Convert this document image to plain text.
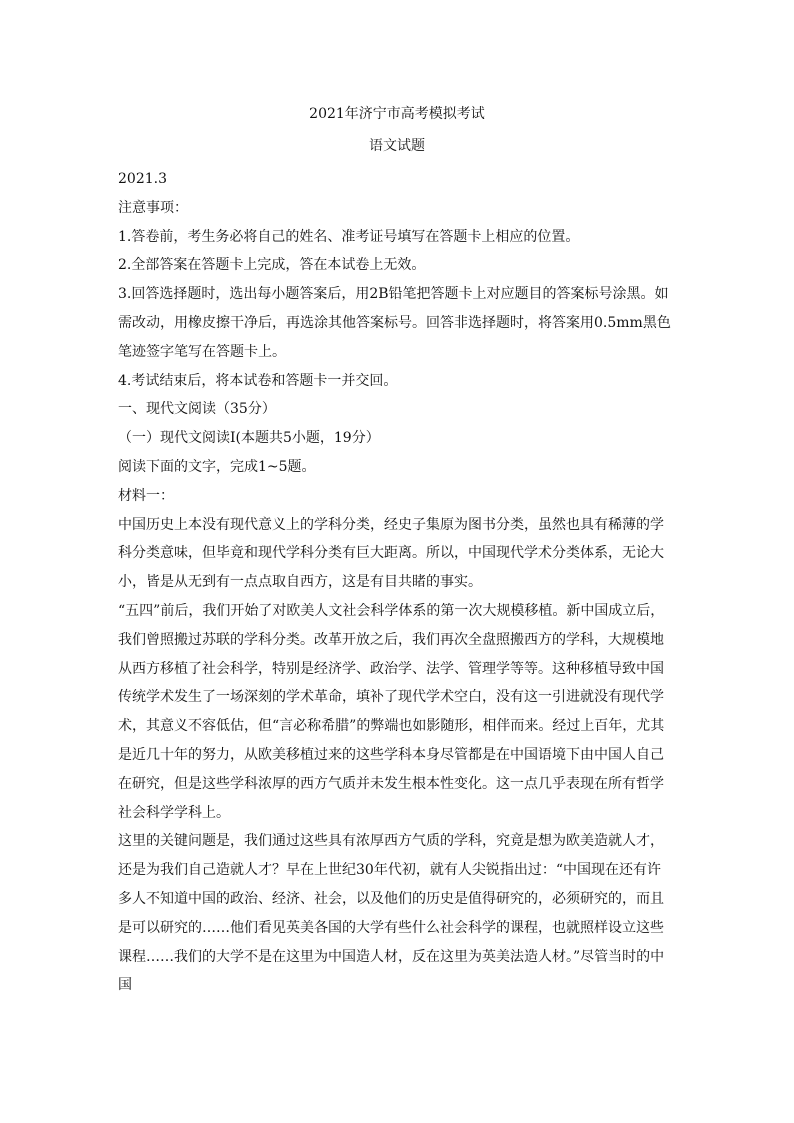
2021年济宁市高考模拟考试
语文试题

2021.3

注意事项：

1.答卷前，考生务必将自己的姓名、准考证号填写在答题卡上相应的位置。

2.全部答案在答题卡上完成，答在本试卷上无效。

3.回答选择题时，选出每小题答案后，用2B铅笔把答题卡上对应题目的答案标号涂黑。如需改动，用橡皮擦干净后，再选涂其他答案标号。回答非选择题时，将答案用0.5mm黑色笔迹签字笔写在答题卡上。

4.考试结束后，将本试卷和答题卡一并交回。

一、现代文阅读（35分）

（一）现代文阅读I(本题共5小题，19分）

阅读下面的文字，完成1~5题。

材料一：

中国历史上本没有现代意义上的学科分类，经史子集原为图书分类，虽然也具有稀薄的学科分类意味，但毕竟和现代学科分类有巨大距离。所以，中国现代学术分类体系，无论大小，皆是从无到有一点点取自西方，这是有目共睹的事实。

“五四”前后，我们开始了对欧美人文社会科学体系的第一次大规模移植。新中国成立后，我们曾照搬过苏联的学科分类。改革开放之后，我们再次全盘照搬西方的学科，大规模地从西方移植了社会科学，特别是经济学、政治学、法学、管理学等等。这种移植导致中国传统学术发生了一场深刻的学术革命，填补了现代学术空白，没有这一引进就没有现代学术，其意义不容低估，但“言必称希腊”的弊端也如影随形，相伴而来。经过上百年，尤其是近几十年的努力，从欧美移植过来的这些学科本身尽管都是在中国语境下由中国人自己在研究，但是这些学科浓厚的西方气质并未发生根本性变化。这一点几乎表现在所有哲学社会科学学科上。

这里的关键问题是，我们通过这些具有浓厚西方气质的学科，究竟是想为欧美造就人才，还是为我们自己造就人才？早在上世纪30年代初，就有人尖锐指出过：“中国现在还有许多人不知道中国的政治、经济、社会，以及他们的历史是值得研究的，必须研究的，而且是可以研究的……他们看见英美各国的大学有些什么社会科学的课程，也就照样设立这些课程……我们的大学不是在这里为中国造人材，反在这里为英美法造人材。”尽管当时的中国
